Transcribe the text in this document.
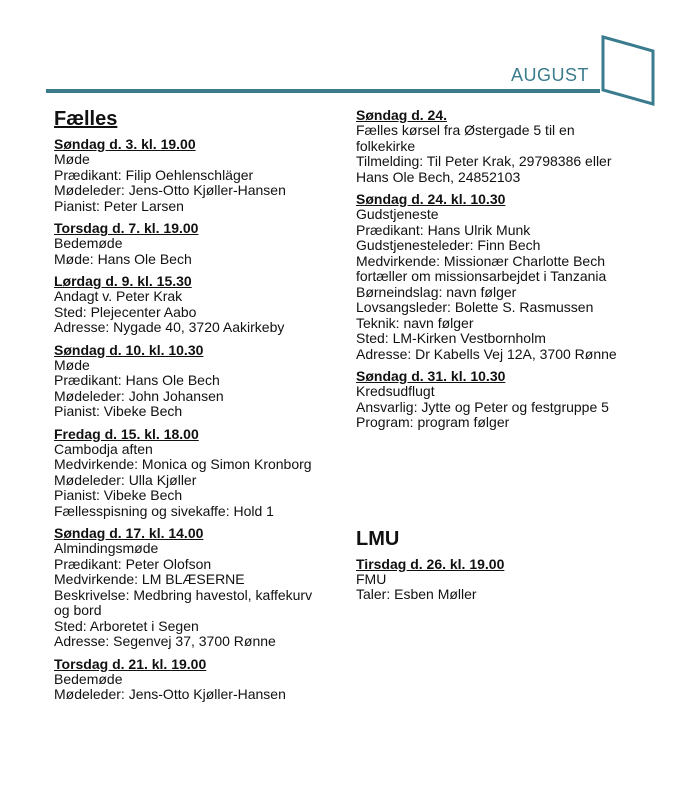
AUGUST
Fælles
Søndag d. 3. kl. 19.00
Møde
Prædikant: Filip Oehlenschläger
Mødeleder: Jens-Otto Kjøller-Hansen
Pianist: Peter Larsen
Torsdag d. 7. kl. 19.00
Bedemøde
Møde: Hans Ole Bech
Lørdag d. 9. kl. 15.30
Andagt v. Peter Krak
Sted: Plejecenter Aabo
Adresse: Nygade 40, 3720 Aakirkeby
Søndag d. 10. kl. 10.30
Møde
Prædikant: Hans Ole Bech
Mødeleder: John Johansen
Pianist: Vibeke Bech
Fredag d. 15. kl. 18.00
Cambodja aften
Medvirkende: Monica og Simon Kronborg
Mødeleder: Ulla Kjøller
Pianist: Vibeke Bech
Fællesspisning og sivekaffe: Hold 1
Søndag d. 17. kl. 14.00
Almindingsmøde
Prædikant: Peter Olofson
Medvirkende: LM BLÆSERNE
Beskrivelse: Medbring havestol, kaffekurv
og bord
Sted: Arboretet i Segen
Adresse: Segenvej 37, 3700 Rønne
Torsdag d. 21. kl. 19.00
Bedemøde
Mødeleder: Jens-Otto Kjøller-Hansen
Søndag d. 24.
Fælles kørsel fra Østergade 5 til en
folkekirke
Tilmelding: Til Peter Krak, 29798386 eller
Hans Ole Bech, 24852103
Søndag d. 24. kl. 10.30
Gudstjeneste
Prædikant: Hans Ulrik Munk
Gudstjenesteleder: Finn Bech
Medvirkende: Missionær Charlotte Bech
fortæller om missionsarbejdet i Tanzania
Børneindslag: navn følger
Lovsangsleder: Bolette S. Rasmussen
Teknik: navn følger
Sted: LM-Kirken Vestbornholm
Adresse: Dr Kabells Vej 12A, 3700 Rønne
Søndag d. 31. kl. 10.30
Kredsudflugt
Ansvarlig: Jytte og Peter og festgruppe 5
Program: program følger
LMU
Tirsdag d. 26. kl. 19.00
FMU
Taler: Esben Møller
